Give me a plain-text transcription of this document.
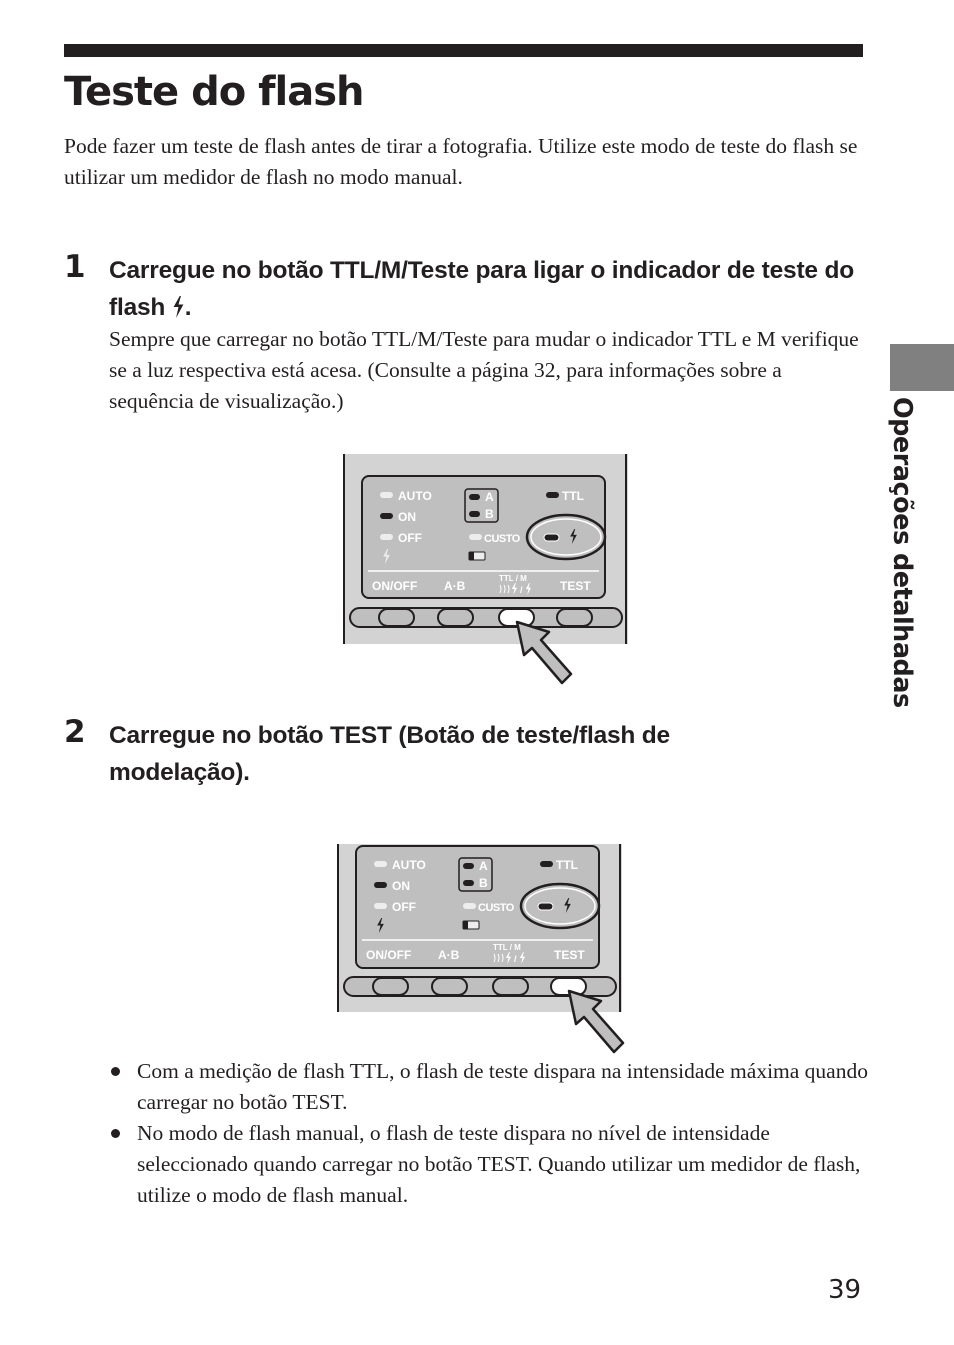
Teste do flash

Pode fazer um teste de flash antes de tirar a fotografia. Utilize este modo de teste do flash se utilizar um medidor de flash no modo manual.

Operações detalhadas

1 Carregue no botão TTL/M/Teste para ligar o indicador de teste do flash .

Sempre que carregar no botão TTL/M/Teste para mudar o indicador TTL e M verifique se a luz respectiva está acesa. (Consulte a página 32, para informações sobre a sequência de visualização.)

AUTO
ON
OFF
A
B
CUSTO
TTL
ON/OFF A·B
TTL / M
/	TEST

2 Carregue no botão TEST (Botão de teste/flash de modelação).

AUTO
ON
OFF
A
B
CUSTO
TTL
ON/OFF A·B
TTL / M
/	TEST
Com a medição de flash TTL, o flash de teste dispara na intensidade máxima quando carregar no botão TEST.
No modo de flash manual, o flash de teste dispara no nível de intensidade seleccionado quando carregar no botão TEST. Quando utilizar um medidor de flash, utilize o modo de flash manual.

39
